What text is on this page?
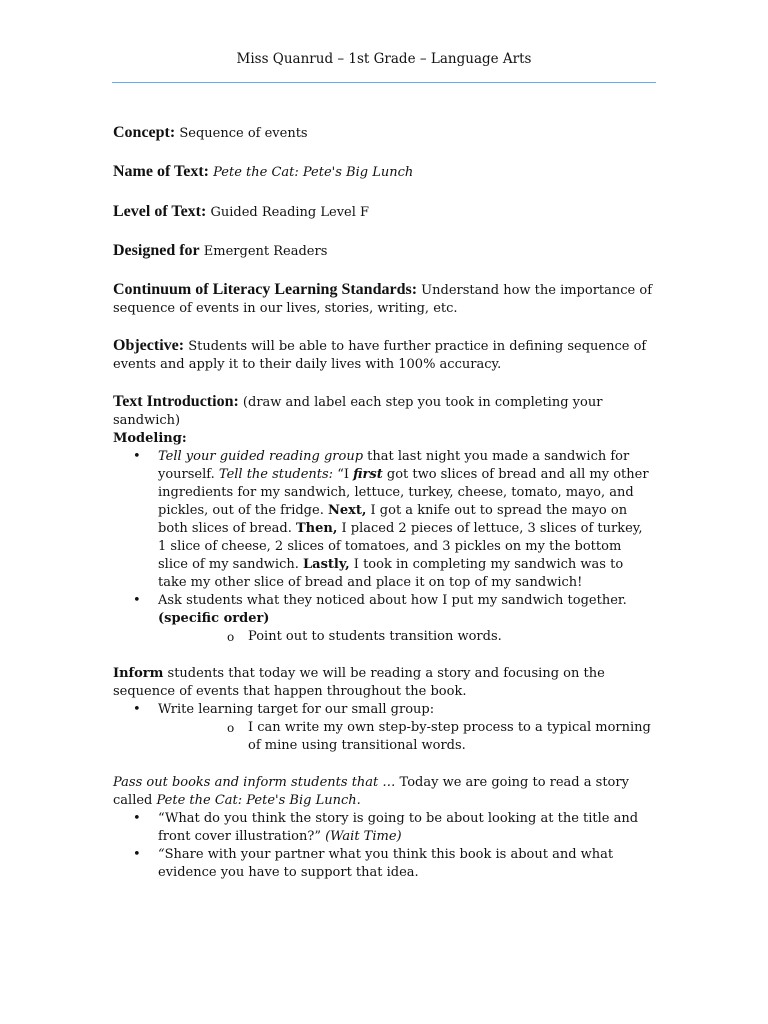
Miss Quanrud – 1st Grade – Language Arts

Concept: Sequence of events

Name of Text: Pete the Cat: Pete's Big Lunch

Level of Text: Guided Reading Level F

Designed for Emergent Readers

Continuum of Literacy Learning Standards: Understand how the importance of sequence of events in our lives, stories, writing, etc.

Objective: Students will be able to have further practice in defining sequence of events and apply it to their daily lives with 100% accuracy.

Text Introduction: (draw and label each step you took in completing your sandwich)

Modeling:

• Tell your guided reading group that last night you made a sandwich for yourself. Tell the students: “I first got two slices of bread and all my other ingredients for my sandwich, lettuce, turkey, cheese, tomato, mayo, and pickles, out of the fridge. Next, I got a knife out to spread the mayo on both slices of bread. Then, I placed 2 pieces of lettuce, 3 slices of turkey, 1 slice of cheese, 2 slices of tomatoes, and 3 pickles on my the bottom slice of my sandwich. Lastly, I took in completing my sandwich was to take my other slice of bread and place it on top of my sandwich!
• Ask students what they noticed about how I put my sandwich together. (specific order)
o Point out to students transition words.

Inform students that today we will be reading a story and focusing on the sequence of events that happen throughout the book.

• Write learning target for our small group:
o I can write my own step-by-step process to a typical morning of mine using transitional words.

Pass out books and inform students that … Today we are going to read a story called Pete the Cat: Pete's Big Lunch.

• “What do you think the story is going to be about looking at the title and front cover illustration?” (Wait Time)
• “Share with your partner what you think this book is about and what evidence you have to support that idea.
